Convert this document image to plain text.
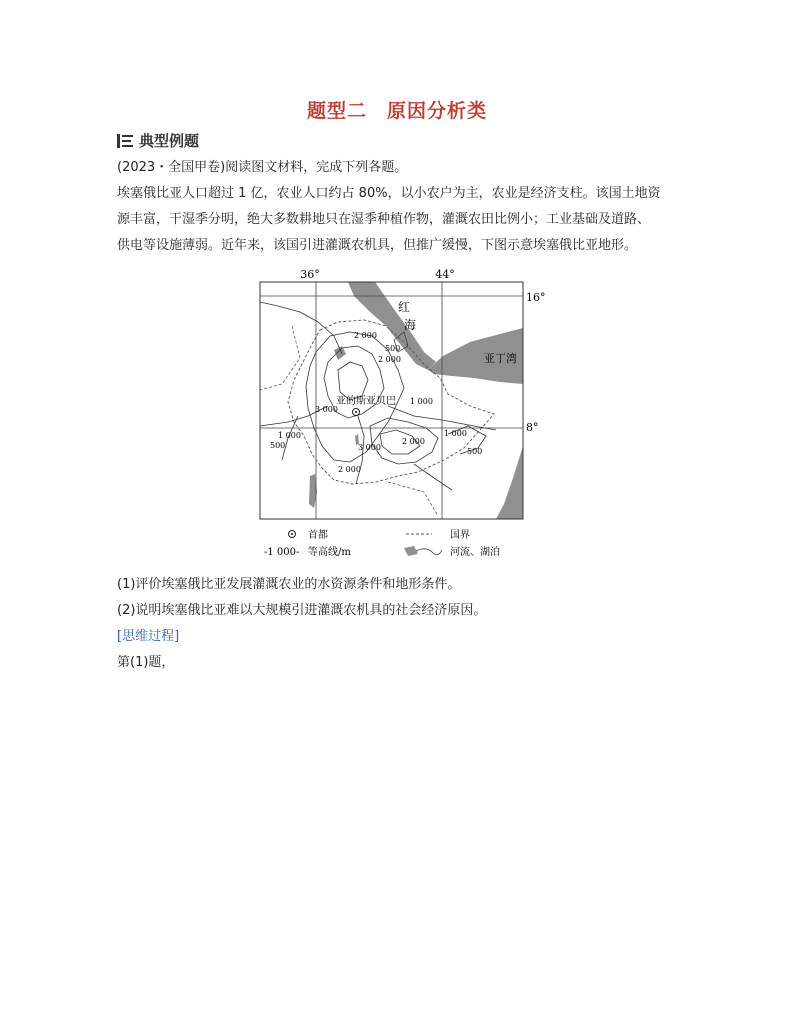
题型二　原因分析类
典型例题
(2023・全国甲卷)阅读图文材料，完成下列各题。
埃塞俄比亚人口超过 1 亿，农业人口约占 80%，以小农户为主，农业是经济支柱。该国土地资
源丰富，干湿季分明，绝大多数耕地只在湿季种植作物，灌溉农田比例小；工业基础及道路、
供电等设施薄弱。近年来，该国引进灌溉农机具，但推广缓慢，下图示意埃塞俄比亚地形。
36°	44°
16°
8°
红
海
亚丁湾
亚的斯亚贝巴
2 000
500
2 000
1 000
3 000
1 000
500
1 000
3 000
2 000
500
2 000
首都	国界
-1 000- 等高线/m	河流、湖泊
(1)评价埃塞俄比亚发展灌溉农业的水资源条件和地形条件。
(2)说明埃塞俄比亚难以大规模引进灌溉农机具的社会经济原因。
[思维过程]
第(1)题，
